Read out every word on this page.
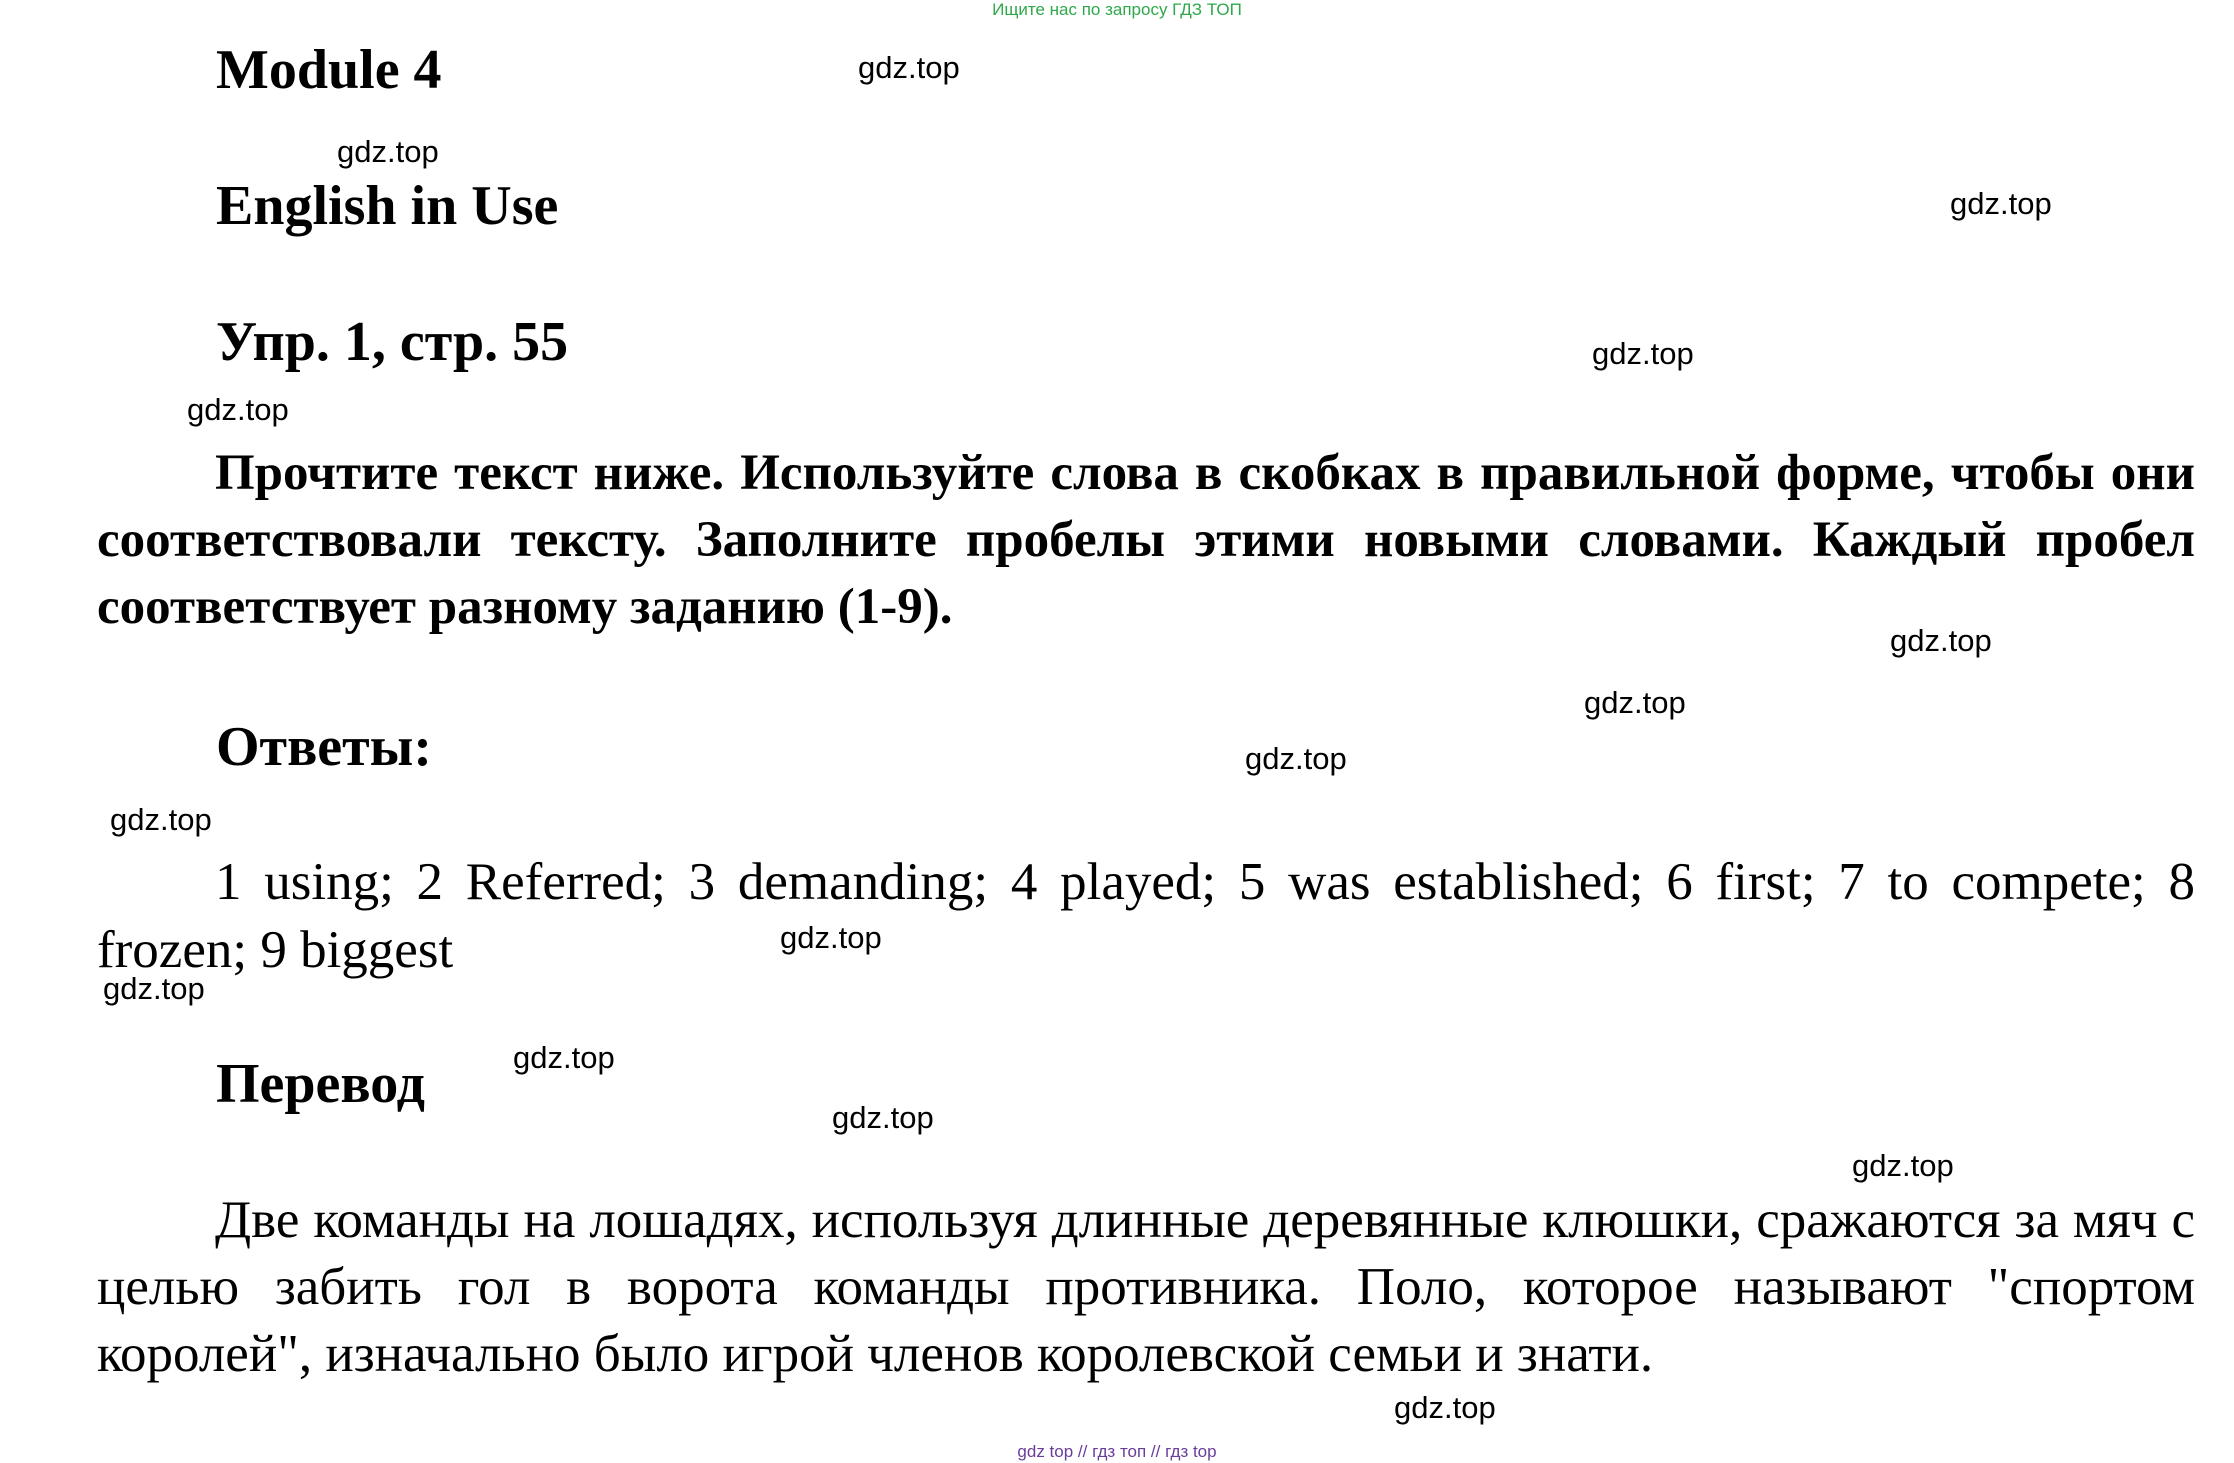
Ищите нас по запросу ГДЗ ТОП
Module 4
English in Use
Упр. 1, стр. 55
Прочтите текст ниже. Используйте слова в скобках в правильной форме, чтобы они соответствовали тексту. Заполните пробелы этими новыми словами. Каждый пробел соответствует разному заданию (1-9).
Ответы:
1 using; 2 Referred; 3 demanding; 4 played; 5 was established; 6 first; 7 to compete; 8 frozen; 9 biggest
Перевод
Две команды на лошадях, используя длинные деревянные клюшки, сражаются за мяч с целью забить гол в ворота команды противника. Поло, которое называют "спортом королей", изначально было игрой членов королевской семьи и знати.
gdz.top
gdz.top
gdz.top
gdz.top
gdz.top
gdz.top
gdz.top
gdz.top
gdz.top
gdz.top
gdz.top
gdz.top
gdz.top
gdz.top
gdz.top
gdz top // гдз топ // гдз top
